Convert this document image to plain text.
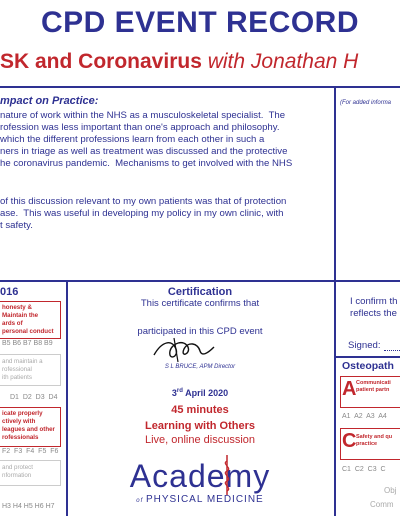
CPD EVENT RECORD
SK and Coronavirus with Jonathan H
mpact on Practice:	(For added informa
nature of work within the NHS as a musculoskeletal specialist.  The
rofession was less important than one's approach and philosophy.
which the different professions learn from each other in such a
ners in triage as well as treatment was discussed and the protective
he coronavirus pandemic.  Mechanisms to get involved with the NHS
of this discussion relevant to my own patients was that of protection
ase.  This was useful in developing my policy in my own clinic, with
t safety.
016
honesty &
Maintain the
ards of
personal conduct
B5 B6 B7 B8 B9
and maintain a
rofessional
ith patients
D1  D2  D3  D4
icate properly
ctively with
leagues and other
rofessionals
F2  F3  F4  F5  F6
and protect
nformation
H3 H4 H5 H6 H7
Certification
This certificate confirms that
participated in this CPD event
S L BRUCE, APM Director
3rd April 2020
45 minutes
Learning with Others
Live, online discussion
Academy
of PHYSICAL MEDICINE
I confirm th
reflects the
Signed:
Osteopath
A Communicati
patient partn
A1  A2  A3  A4
C Safety and qu
practice
C1  C2  C3  C
Obj
Comm
